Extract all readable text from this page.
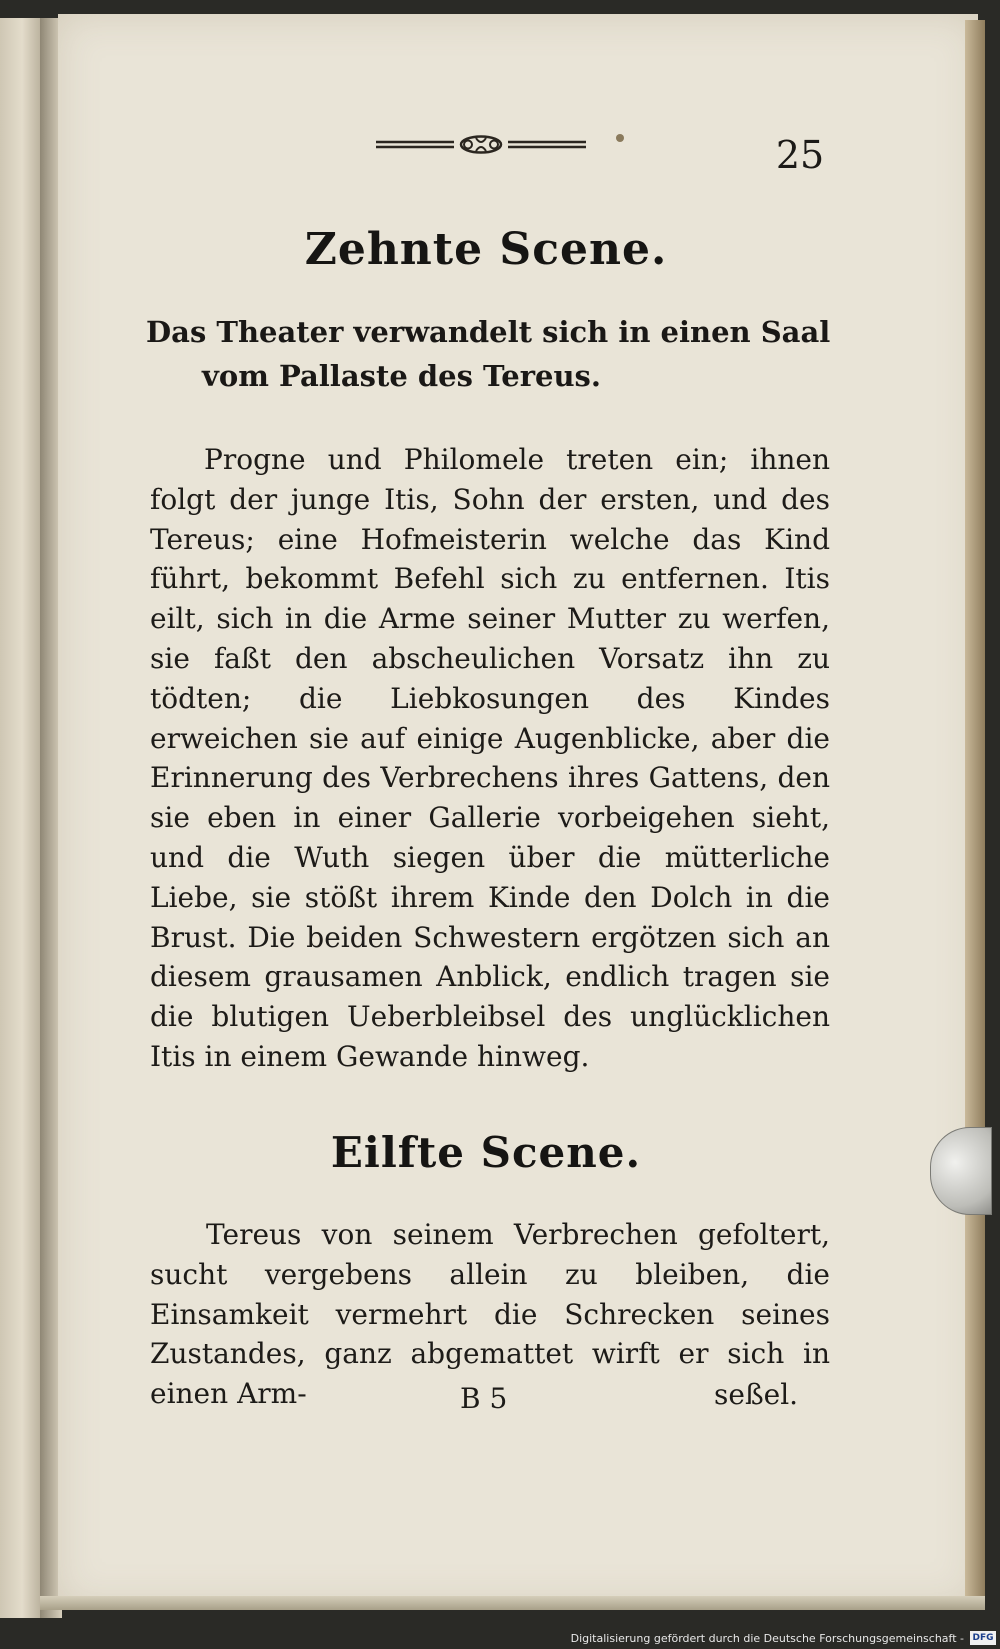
25
Zehnte Scene.
Das Theater verwandelt sich in einen Saal
vom Pallaste des Tereus.
Progne und Philomele treten ein; ihnen folgt der junge Itis, Sohn der ersten, und des Tereus; eine Hofmeisterin welche das Kind führt, bekommt Befehl sich zu entfernen. Itis eilt, sich in die Arme seiner Mutter zu werfen, sie faßt den abscheulichen Vorsatz ihn zu tödten; die Liebkosungen des Kindes erweichen sie auf einige Augenblicke, aber die Erinnerung des Verbrechens ihres Gattens, den sie eben in einer Gallerie vorbeigehen sieht, und die Wuth siegen über die mütterliche Liebe, sie stößt ihrem Kinde den Dolch in die Brust. Die beiden Schwestern ergötzen sich an diesem grausamen Anblick, endlich tragen sie die blutigen Ueberbleibsel des unglücklichen Itis in einem Gewande hinweg.
Eilfte Scene.
Tereus von seinem Verbrechen gefoltert, sucht vergebens allein zu bleiben, die Einsamkeit vermehrt die Schrecken seines Zustandes, ganz abgemattet wirft er sich in einen Arm-	B 5	seßel.
Digitalisierung gefördert durch die Deutsche Forschungsgemeinschaft - DFG
